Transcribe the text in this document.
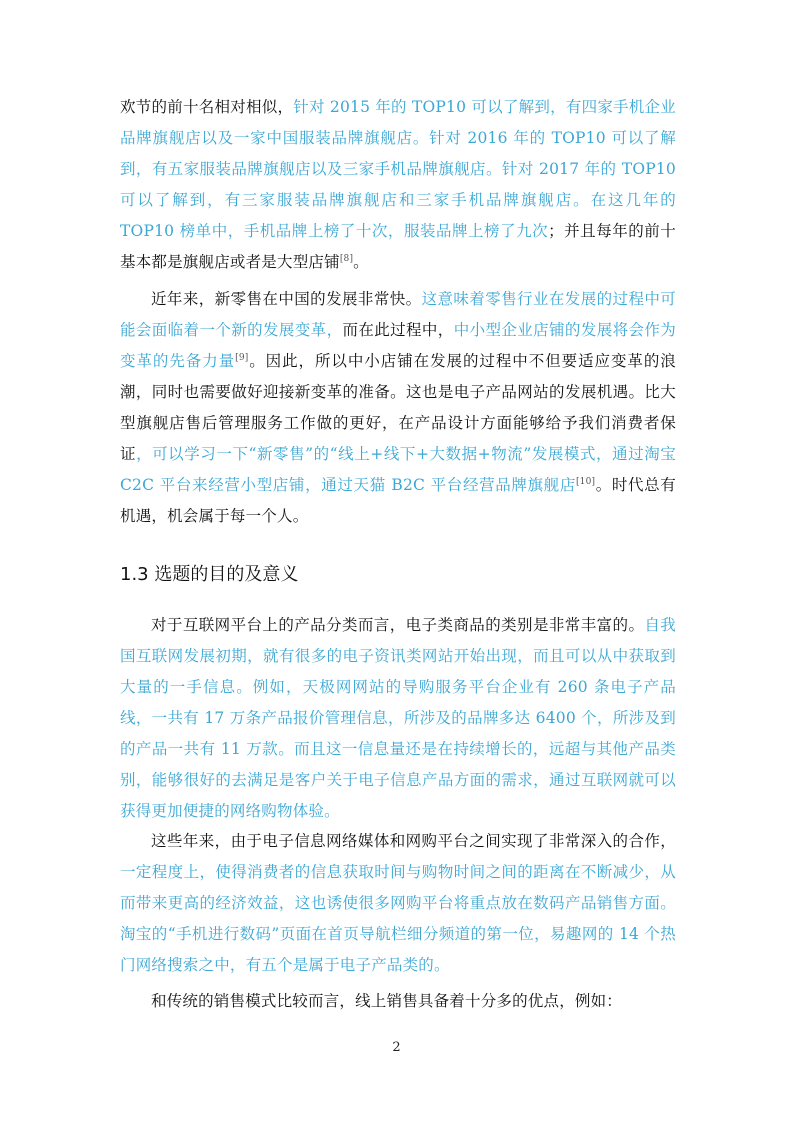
欢节的前十名相对相似，针对 2015 年的 TOP10 可以了解到，有四家手机企业品牌旗舰店以及一家中国服装品牌旗舰店。针对 2016 年的 TOP10 可以了解到，有五家服装品牌旗舰店以及三家手机品牌旗舰店。针对 2017 年的 TOP10 可以了解到，有三家服装品牌旗舰店和三家手机品牌旗舰店。在这几年的 TOP10 榜单中，手机品牌上榜了十次，服装品牌上榜了九次；并且每年的前十基本都是旗舰店或者是大型店铺[8]。

近年来，新零售在中国的发展非常快。这意味着零售行业在发展的过程中可能会面临着一个新的发展变革，而在此过程中，中小型企业店铺的发展将会作为变革的先备力量[9]。因此，所以中小店铺在发展的过程中不但要适应变革的浪潮，同时也需要做好迎接新变革的准备。这也是电子产品网站的发展机遇。比大型旗舰店售后管理服务工作做的更好，在产品设计方面能够给予我们消费者保证，可以学习一下“新零售”的“线上+线下+大数据+物流”发展模式，通过淘宝 C2C 平台来经营小型店铺，通过天猫 B2C 平台经营品牌旗舰店[10]。时代总有机遇，机会属于每一个人。

1.3 选题的目的及意义

对于互联网平台上的产品分类而言，电子类商品的类别是非常丰富的。自我国互联网发展初期，就有很多的电子资讯类网站开始出现，而且可以从中获取到大量的一手信息。例如，天极网网站的导购服务平台企业有 260 条电子产品线，一共有 17 万条产品报价管理信息，所涉及的品牌多达 6400 个，所涉及到的产品一共有 11 万款。而且这一信息量还是在持续增长的，远超与其他产品类别，能够很好的去满足是客户关于电子信息产品方面的需求，通过互联网就可以获得更加便捷的网络购物体验。

这些年来，由于电子信息网络媒体和网购平台之间实现了非常深入的合作，一定程度上，使得消费者的信息获取时间与购物时间之间的距离在不断减少，从而带来更高的经济效益，这也诱使很多网购平台将重点放在数码产品销售方面。淘宝的“手机进行数码”页面在首页导航栏细分频道的第一位，易趣网的 14 个热门网络搜索之中，有五个是属于电子产品类的。

和传统的销售模式比较而言，线上销售具备着十分多的优点，例如：

2
